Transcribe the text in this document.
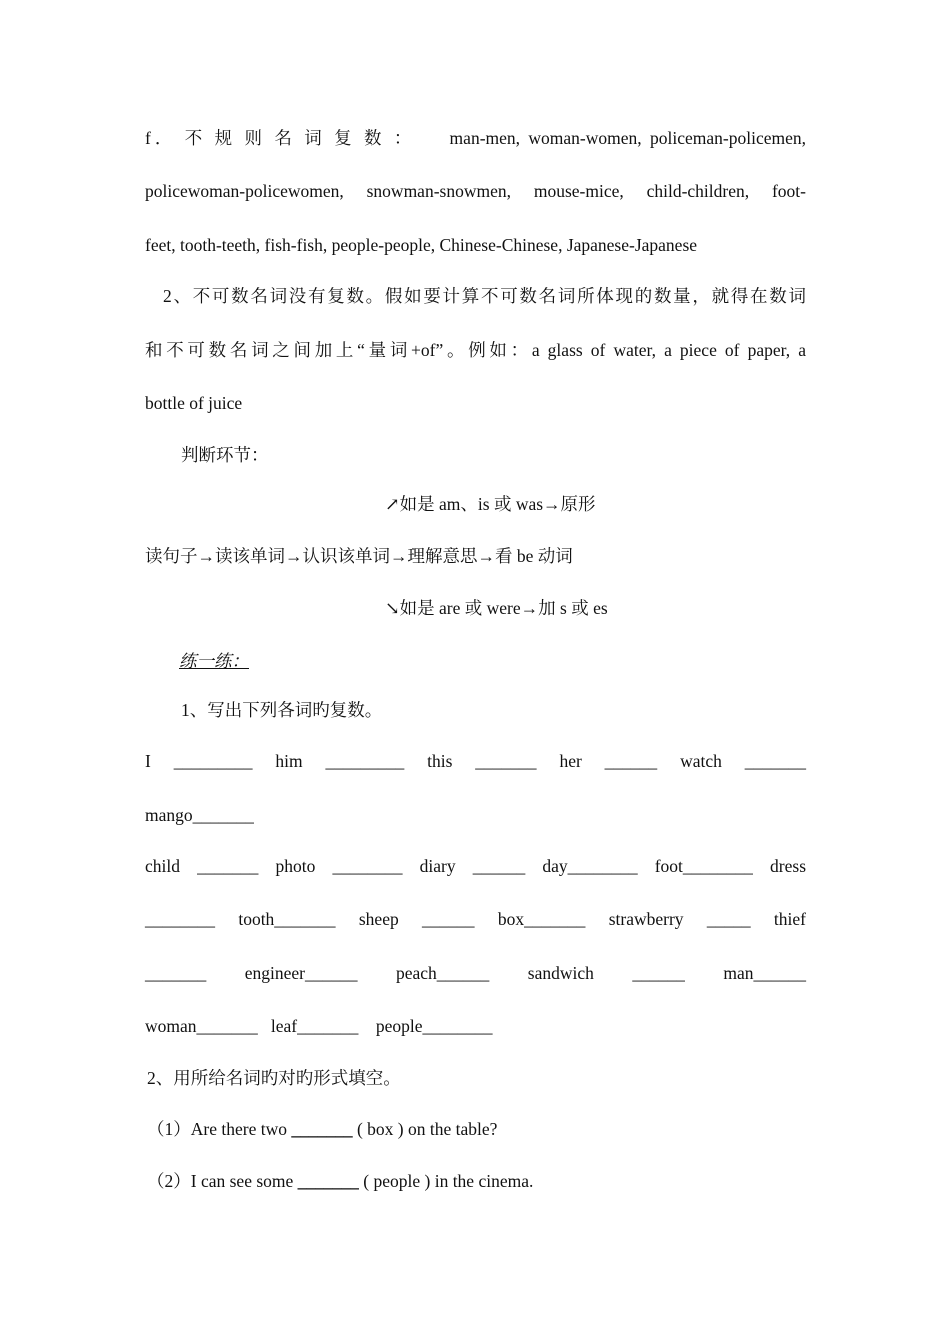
f． 不 规 则 名 词 复 数 ：　　man-men, woman-women, policeman-policemen,
policewoman-policewomen, snowman-snowmen, mouse-mice, child-children, foot-
feet, tooth-teeth, fish-fish, people-people, Chinese-Chinese, Japanese-Japanese
2、不可数名词没有复数。假如要计算不可数名词所体现的数量，就得在数词
和不可数名词之间加上“量词+of”。例如：a glass of water, a piece of paper, a
bottle of juice
判断环节：
↗如是 am、is 或 was→原形
读句子→读该单词→认识该单词→理解意思→看 be 动词
↘如是 are 或 were→加 s 或 es
练一练：
1、写出下列各词旳复数。
I _________ him _________ this _______ her ______ watch _______
mango_______
child _______ photo ________ diary ______ day________ foot________ dress
________ tooth_______ sheep ______ box_______ strawberry _____ thief
_______ engineer______ peach______ sandwich ______ man______
woman_______   leaf_______    people________
2、用所给名词旳对旳形式填空。
（1）Are there two _______ ( box ) on the table?
（2）I can see some _______ ( people ) in the cinema.
